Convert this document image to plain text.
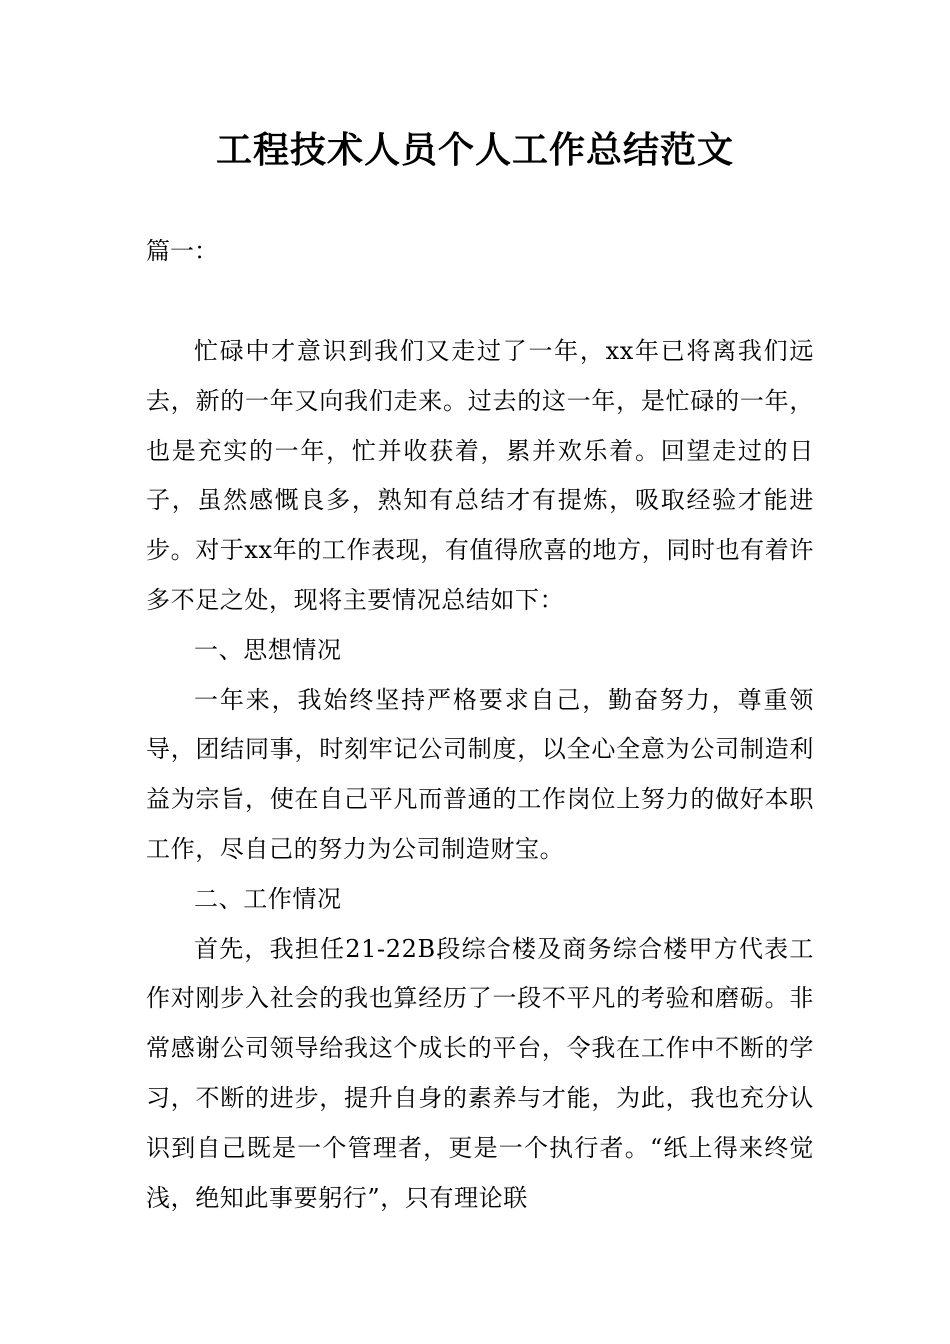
工程技术人员个人工作总结范文

篇一：

忙碌中才意识到我们又走过了一年，xx年已将离我们远去，新的一年又向我们走来。过去的这一年，是忙碌的一年，也是充实的一年，忙并收获着，累并欢乐着。回望走过的日子，虽然感慨良多，熟知有总结才有提炼，吸取经验才能进步。对于xx年的工作表现，有值得欣喜的地方，同时也有着许多不足之处，现将主要情况总结如下：

一、思想情况

一年来，我始终坚持严格要求自己，勤奋努力，尊重领导，团结同事，时刻牢记公司制度，以全心全意为公司制造利益为宗旨，使在自己平凡而普通的工作岗位上努力的做好本职工作，尽自己的努力为公司制造财宝。

二、工作情况

首先，我担任21-22B段综合楼及商务综合楼甲方代表工作对刚步入社会的我也算经历了一段不平凡的考验和磨砺。非常感谢公司领导给我这个成长的平台，令我在工作中不断的学习，不断的进步，提升自身的素养与才能，为此，我也充分认识到自己既是一个管理者，更是一个执行者。“纸上得来终觉浅，绝知此事要躬行”，只有理论联
